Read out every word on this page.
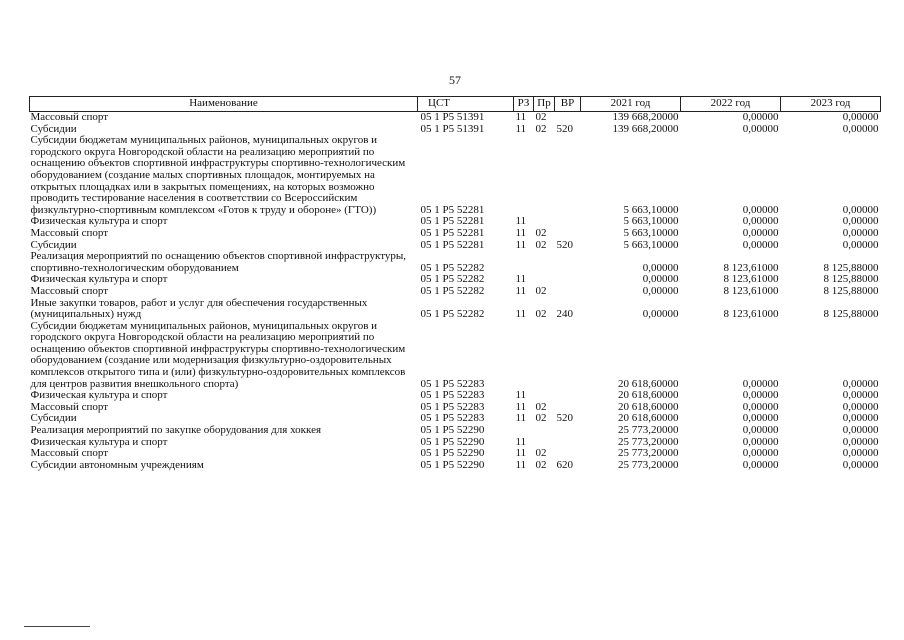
57
Наименование	ЦСТ	РЗ	Пр	ВР	2021 год	2022 год	2023 год
Массовый спорт	05 1 Р5 51391	11	02		139 668,20000	0,00000	0,00000
Субсидии	05 1 Р5 51391	11	02	520	139 668,20000	0,00000	0,00000
Субсидии бюджетам муниципальных районов, муниципальных округов и городского округа Новгородской области на реализацию мероприятий по оснащению объектов спортивной инфраструктуры спортивно-технологическим оборудованием (создание малых спортивных площадок, монтируемых на открытых площадках или в закрытых помещениях, на которых возможно проводить тестирование населения в соответствии со Всероссийским физкультурно-спортивным комплексом «Готов к труду и обороне» (ГТО))	05 1 Р5 52281				5 663,10000	0,00000	0,00000
Физическая культура и спорт	05 1 Р5 52281	11			5 663,10000	0,00000	0,00000
Массовый спорт	05 1 Р5 52281	11	02		5 663,10000	0,00000	0,00000
Субсидии	05 1 Р5 52281	11	02	520	5 663,10000	0,00000	0,00000
Реализация мероприятий по оснащению объектов спортивной инфраструктуры, спортивно-технологическим оборудованием	05 1 Р5 52282				0,00000	8 123,61000	8 125,88000
Физическая культура и спорт	05 1 Р5 52282	11			0,00000	8 123,61000	8 125,88000
Массовый спорт	05 1 Р5 52282	11	02		0,00000	8 123,61000	8 125,88000
Иные закупки товаров, работ и услуг для обеспечения государственных (муниципальных) нужд	05 1 Р5 52282	11	02	240	0,00000	8 123,61000	8 125,88000
Субсидии бюджетам муниципальных районов, муниципальных округов и городского округа Новгородской области на реализацию мероприятий по оснащению объектов спортивной инфраструктуры спортивно-технологическим оборудованием (создание или модернизация физкультурно-оздоровительных комплексов открытого типа и (или) физкультурно-оздоровительных комплексов для центров развития внешкольного спорта)	05 1 Р5 52283				20 618,60000	0,00000	0,00000
Физическая культура и спорт	05 1 Р5 52283	11			20 618,60000	0,00000	0,00000
Массовый спорт	05 1 Р5 52283	11	02		20 618,60000	0,00000	0,00000
Субсидии	05 1 Р5 52283	11	02	520	20 618,60000	0,00000	0,00000
Реализация мероприятий по закупке оборудования для хоккея	05 1 Р5 52290				25 773,20000	0,00000	0,00000
Физическая культура и спорт	05 1 Р5 52290	11			25 773,20000	0,00000	0,00000
Массовый спорт	05 1 Р5 52290	11	02		25 773,20000	0,00000	0,00000
Субсидии автономным учреждениям	05 1 Р5 52290	11	02	620	25 773,20000	0,00000	0,00000
